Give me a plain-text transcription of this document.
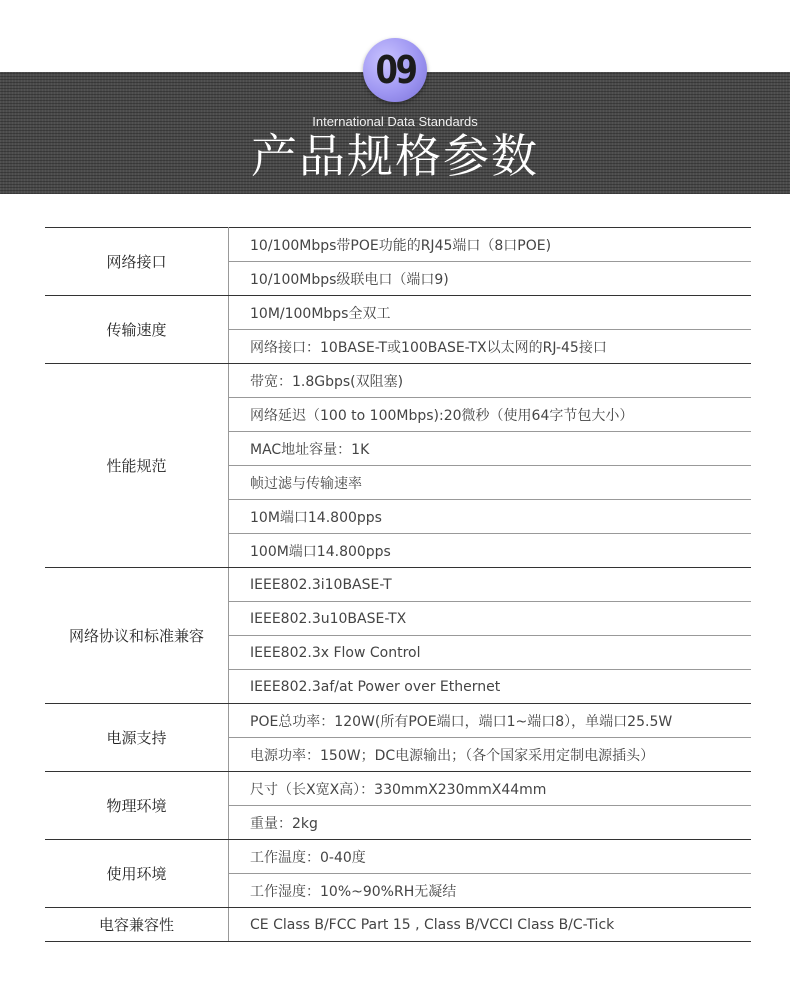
09
International Data Standards
产品规格参数
网络接口	10/100Mbps带POE功能的RJ45端口（8口POE)
	10/100Mbps级联电口（端口9)
传输速度	10M/100Mbps全双工
	网络接口：10BASE-T或100BASE-TX以太网的RJ-45接口
性能规范	带宽：1.8Gbps(双阻塞)
	网络延迟（100 to 100Mbps):20微秒（使用64字节包大小）
	MAC地址容量：1K
	帧过滤与传输速率
	10M端口14.800pps
	100M端口14.800pps
网络协议和标准兼容	IEEE802.3i10BASE-T
	IEEE802.3u10BASE-TX
	IEEE802.3x Flow Control
	IEEE802.3af/at Power over Ethernet
电源支持	POE总功率：120W(所有POE端口，端口1~端口8），单端口25.5W
	电源功率：150W；DC电源输出；（各个国家采用定制电源插头）
物理环境	尺寸（长X宽X高）：330mmX230mmX44mm
	重量：2kg
使用环境	工作温度：0-40度
	工作湿度：10%~90%RH无凝结
电容兼容性	CE Class B/FCC Part 15 , Class B/VCCI Class B/C-Tick
